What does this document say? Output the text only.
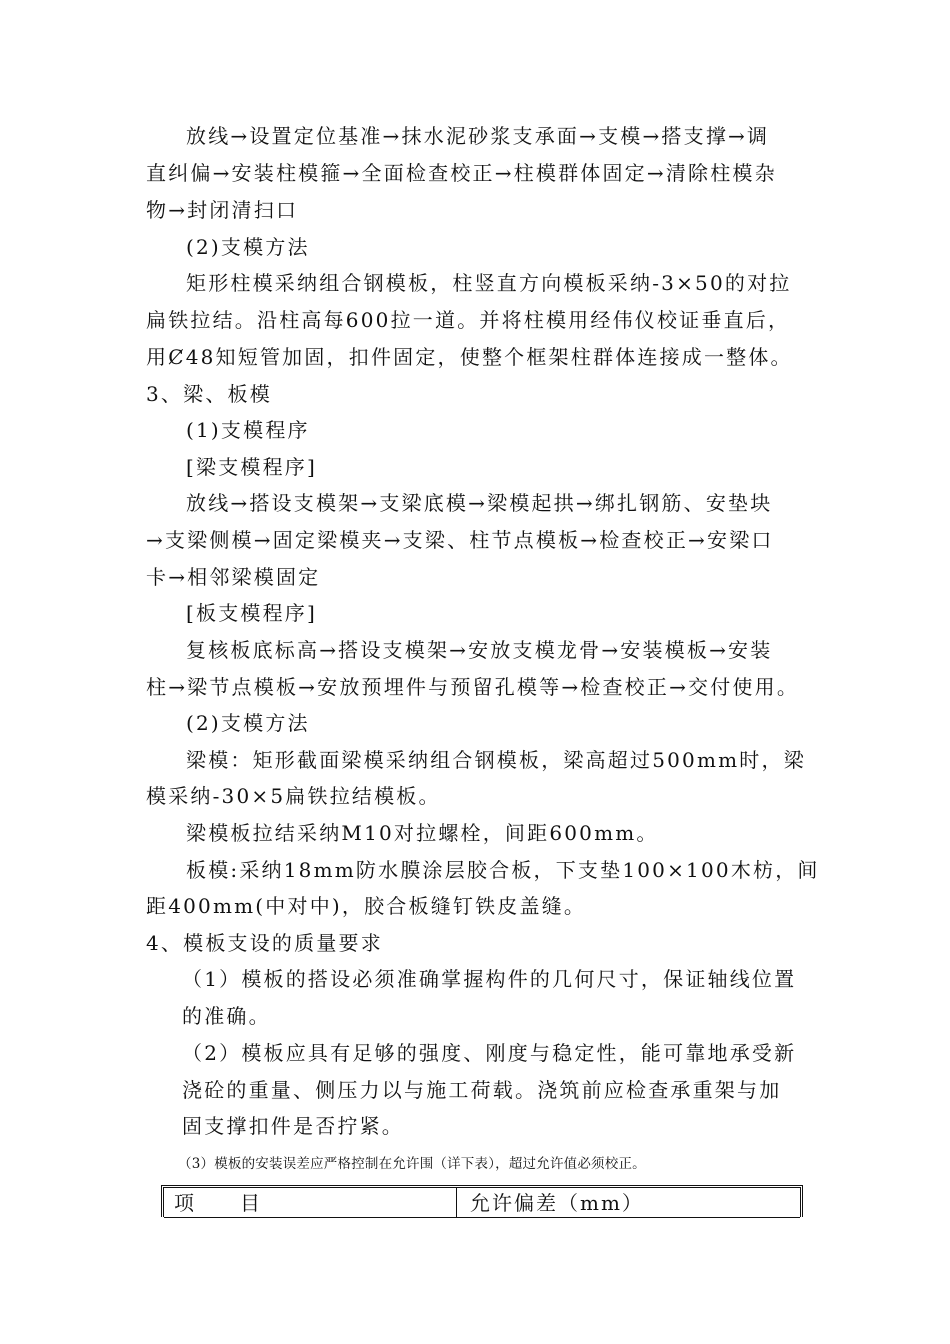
放线→设置定位基准→抹水泥砂浆支承面→支模→搭支撑→调
直纠偏→安装柱模箍→全面检查校正→柱模群体固定→清除柱模杂
物→封闭清扫口
(2)支模方法
矩形柱模采纳组合钢模板，柱竖直方向模板采纳-3×50的对拉
扁铁拉结。沿柱高每600拉一道。并将柱模用经伟仪校证垂直后，
用Ȼ48知短管加固，扣件固定，使整个框架柱群体连接成一整体。
3、梁、板模
(1)支模程序
[梁支模程序]
放线→搭设支模架→支梁底模→梁模起拱→绑扎钢筋、安垫块
→支梁侧模→固定梁模夹→支梁、柱节点模板→检查校正→安梁口
卡→相邻梁模固定
[板支模程序]
复核板底标高→搭设支模架→安放支模龙骨→安装模板→安装
柱→梁节点模板→安放预埋件与预留孔模等→检查校正→交付使用。
(2)支模方法
梁模：矩形截面梁模采纳组合钢模板，梁高超过500mm时，梁
模采纳-30×5扁铁拉结模板。
梁模板拉结采纳M10对拉螺栓，间距600mm。
板模:采纳18mm防水膜涂层胶合板，下支垫100×100木枋，间
距400mm(中对中)，胶合板缝钉铁皮盖缝。
4、模板支设的质量要求
（1）模板的搭设必须准确掌握构件的几何尺寸，保证轴线位置
的准确。
（2）模板应具有足够的强度、刚度与稳定性，能可靠地承受新
浇砼的重量、侧压力以与施工荷载。浇筑前应检查承重架与加
固支撑扣件是否拧紧。
（3）模板的安装误差应严格控制在允许围（详下表），超过允许值必须校正。
项　　目	允许偏差（mm）
